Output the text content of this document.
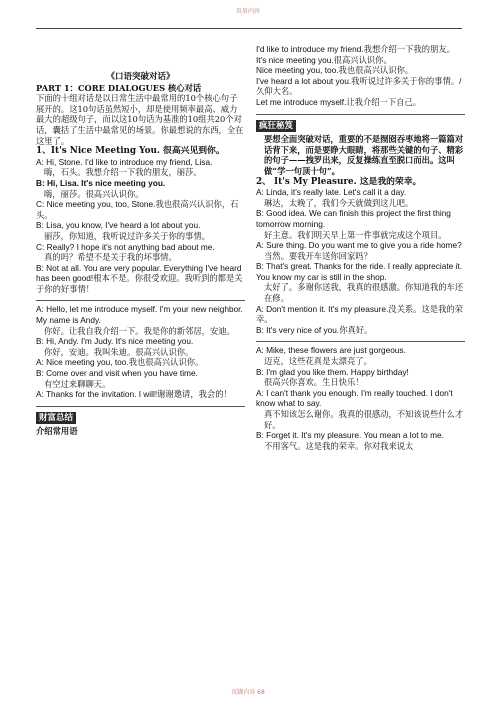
页眉内容

《口语突破对话》

PART 1：CORE DIALOGUES 核心对话

下面的十组对话是以日常生活中最常用的10个核心句子展开的。这10句话虽然短小，却是使用频率最高、威力最大的超级句子，而以这10句话为基准的10组共20个对话，囊括了生活中最常见的场景。你最想说的东西，全在这里了。

1、It's Nice Meeting You. 很高兴见到你。

A: Hi, Stone. I'd like to introduce my friend, Lisa.

嗨，石头。我想介绍一下我的朋友，丽莎。

B: Hi, Lisa. It's nice meeting you.

嗨，丽莎。很高兴认识你。

C: Nice meeting you, too, Stone.我也很高兴认识你，石头。

B: Lisa, you know, I've heard a lot about you.

丽莎，你知道，我听说过许多关于你的事情。

C: Really? I hope it's not anything bad about me.

真的吗？希望不是关于我的坏事情。

B: Not at all. You are very popular. Everything I've heard has been good!根本不是。你很受欢迎。我听到的都是关于你的好事情！

A: Hello, let me introduce myself. I'm your new neighbor. My name is Andy.

你好。让我自我介绍一下。我是你的新邻居，安迪。

B: Hi, Andy. I'm Judy. It's nice meeting you.

你好，安迪。我叫朱迪。很高兴认识你。

A: Nice meeting you, too.我也很高兴认识你。

B: Come over and visit when you have time.

有空过来聊聊天。

A: Thanks for the invitation. I will!谢谢邀请，我会的！

财富总结

介绍常用语

I'd like to introduce my friend.我想介绍一下我的朋友。

It's nice meeting you.很高兴认识你。

Nice meeting you, too.我也很高兴认识你。

I've heard a lot about you.我听说过许多关于你的事情。/ 久仰大名。

Let me introduce myself.让我介绍一下自己。

疯狂秘笈

要想全面突破对话，重要的不是囫囵吞枣地将一篇篇对话背下来，而是要睁大眼睛，将那些关键的句子、精彩的句子——拽罗出来，反复操练直至脱口而出。这叫做“学一句顶十句”。

2、 It's My Pleasure. 这是我的荣幸。

A: Linda, it's really late. Let's call it a day.

琳达，太晚了，我们今天就做到这儿吧。

B: Good idea. We can finish this project the first thing tomorrow morning.

好主意。我们明天早上第一件事就完成这个项目。

A: Sure thing. Do you want me to give you a ride home?

当然。要我开车送你回家吗？

B: That's great. Thanks for the ride. I really appreciate it. You know my car is still in the shop.

太好了。多谢你送我，我真的很感激。你知道我的车还在修。

A: Don't mention it. It's my pleasure.没关系。这是我的荣幸。

B: It's very nice of you.你真好。

A: Mike, these flowers are just gorgeous.

迈克，这些花真是太漂亮了。

B: I'm glad you like them. Happy birthday!

很高兴你喜欢。生日快乐！

A: I can't thank you enough. I'm really touched. I don't know what to say.

真不知该怎么谢你。我真的很感动，不知该说些什么才好。

B: Forget it. It's my pleasure. You mean a lot to me.

不用客气。这是我的荣幸。你对我来说太

页脚内容 68
